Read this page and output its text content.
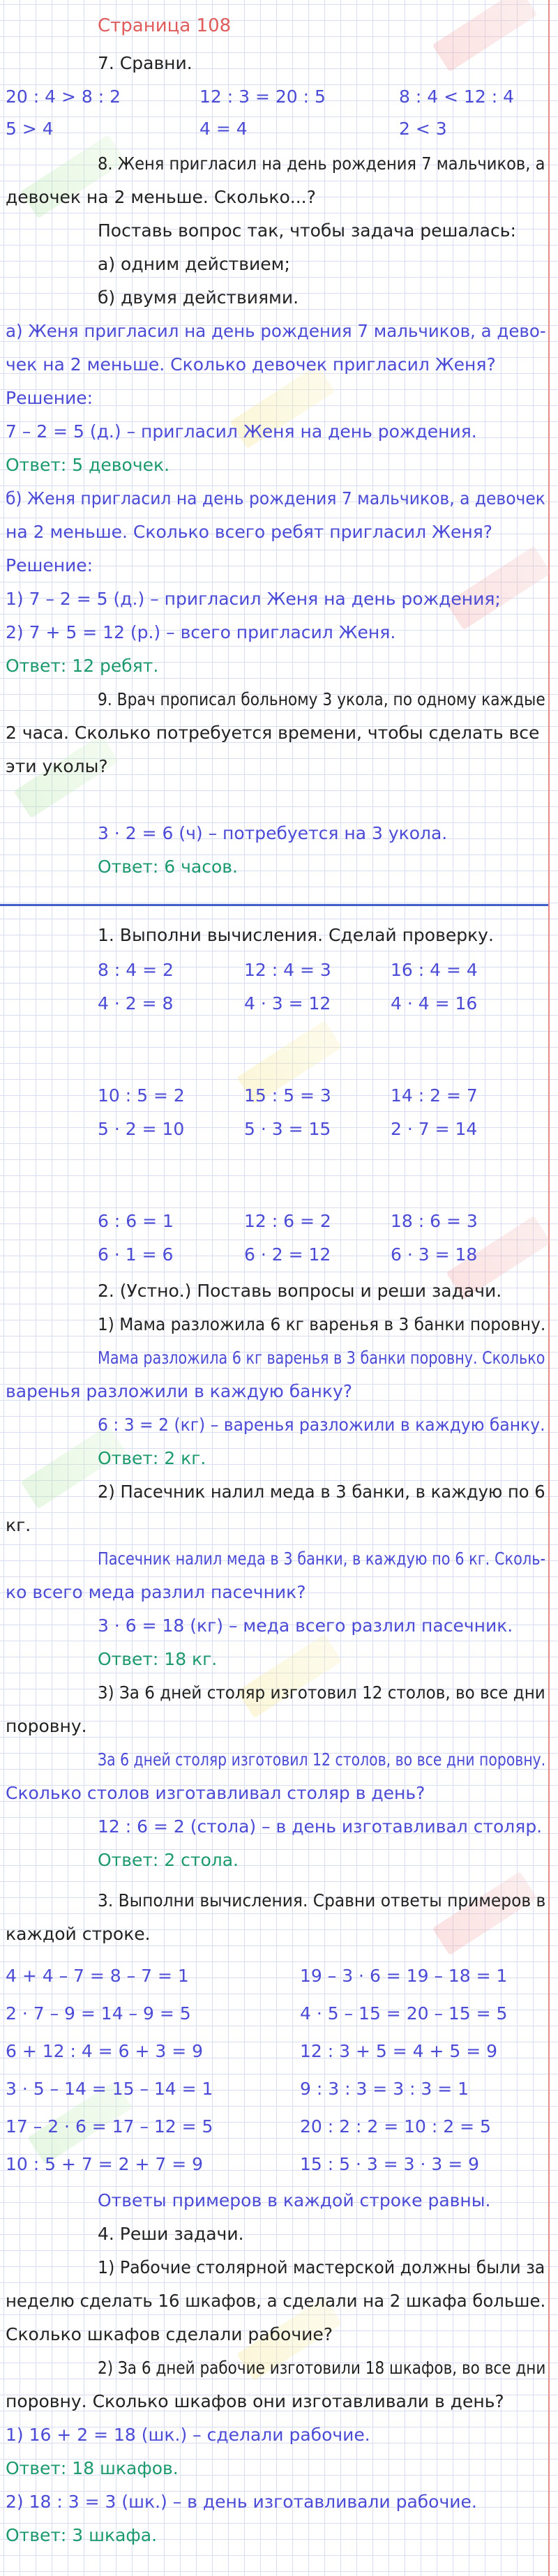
Страница 108
7. Сравни.
20 : 4 > 8 : 2	12 : 3 = 20 : 5	8 : 4 < 12 : 4
5 > 4	4 = 4	2 < 3
8. Женя пригласил на день рождения 7 мальчиков, а
девочек на 2 меньше. Сколько...?
Поставь вопрос так, чтобы задача решалась:
а) одним действием;
б) двумя действиями.
а) Женя пригласил на день рождения 7 мальчиков, а дево-
чек на 2 меньше. Сколько девочек пригласил Женя?
Решение:
7 – 2 = 5 (д.) – пригласил Женя на день рождения.
Ответ: 5 девочек.
б) Женя пригласил на день рождения 7 мальчиков, а девочек
на 2 меньше. Сколько всего ребят пригласил Женя?
Решение:
1) 7 – 2 = 5 (д.) – пригласил Женя на день рождения;
2) 7 + 5 = 12 (р.) – всего пригласил Женя.
Ответ: 12 ребят.
9. Врач прописал больному 3 укола, по одному каждые
2 часа. Сколько потребуется времени, чтобы сделать все
эти уколы?
3 · 2 = 6 (ч) – потребуется на 3 укола.
Ответ: 6 часов.
1. Выполни вычисления. Сделай проверку.
8 : 4 = 2	12 : 4 = 3	16 : 4 = 4
4 · 2 = 8	4 · 3 = 12	4 · 4 = 16
10 : 5 = 2	15 : 5 = 3	14 : 2 = 7
5 · 2 = 10	5 · 3 = 15	2 · 7 = 14
6 : 6 = 1	12 : 6 = 2	18 : 6 = 3
6 · 1 = 6	6 · 2 = 12	6 · 3 = 18
2. (Устно.) Поставь вопросы и реши задачи.
1) Мама разложила 6 кг варенья в 3 банки поровну.
Мама разложила 6 кг варенья в 3 банки поровну. Сколько
варенья разложили в каждую банку?
6 : 3 = 2 (кг) – варенья разложили в каждую банку.
Ответ: 2 кг.
2) Пасечник налил меда в 3 банки, в каждую по 6
кг.
Пасечник налил меда в 3 банки, в каждую по 6 кг. Сколь-
ко всего меда разлил пасечник?
3 · 6 = 18 (кг) – меда всего разлил пасечник.
Ответ: 18 кг.
3) За 6 дней столяр изготовил 12 столов, во все дни
поровну.
За 6 дней столяр изготовил 12 столов, во все дни поровну.
Сколько столов изготавливал столяр в день?
12 : 6 = 2 (стола) – в день изготавливал столяр.
Ответ: 2 стола.
3. Выполни вычисления. Сравни ответы примеров в
каждой строке.
4 + 4 – 7 = 8 – 7 = 1	19 – 3 · 6 = 19 – 18 = 1
2 · 7 – 9 = 14 – 9 = 5	4 · 5 – 15 = 20 – 15 = 5
6 + 12 : 4 = 6 + 3 = 9	12 : 3 + 5 = 4 + 5 = 9
3 · 5 – 14 = 15 – 14 = 1	9 : 3 : 3 = 3 : 3 = 1
17 – 2 · 6 = 17 – 12 = 5	20 : 2 : 2 = 10 : 2 = 5
10 : 5 + 7 = 2 + 7 = 9	15 : 5 · 3 = 3 · 3 = 9
Ответы примеров в каждой строке равны.
4. Реши задачи.
1) Рабочие столярной мастерской должны были за
неделю сделать 16 шкафов, а сделали на 2 шкафа больше.
Сколько шкафов сделали рабочие?
2) За 6 дней рабочие изготовили 18 шкафов, во все дни
поровну. Сколько шкафов они изготавливали в день?
1) 16 + 2 = 18 (шк.) – сделали рабочие.
Ответ: 18 шкафов.
2) 18 : 3 = 3 (шк.) – в день изготавливали рабочие.
Ответ: 3 шкафа.
